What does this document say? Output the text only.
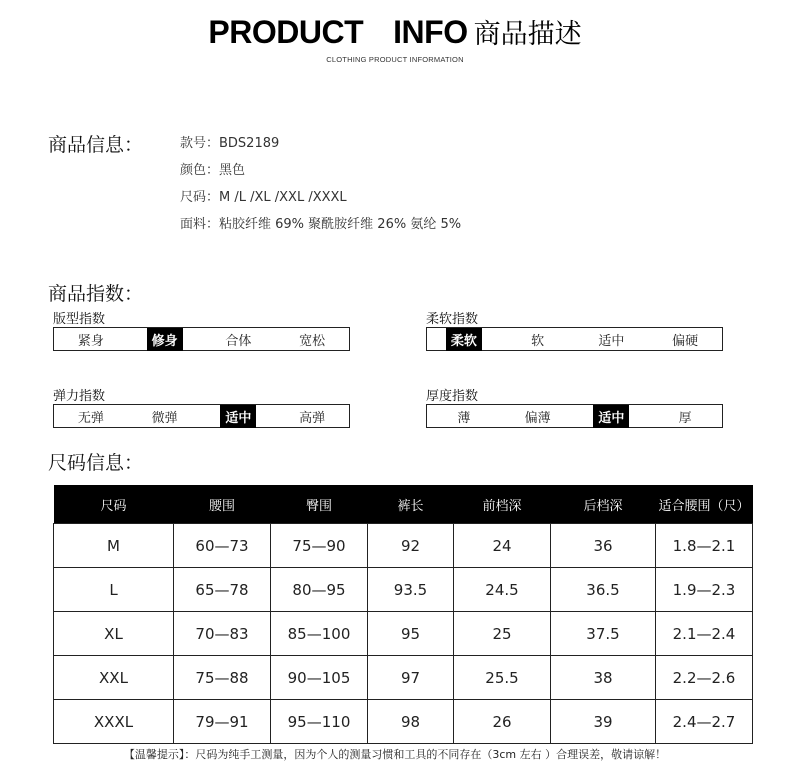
PRODUCT INFO 商品描述
CLOTHING PRODUCT INFORMATION
商品信息：	款号：BDS2189
颜色：黑色
尺码：M /L /XL /XXL /XXXL
面料：粘胶纤维 69% 聚酰胺纤维 26% 氨纶 5%
商品指数：
版型指数
紧身	修身	合体	宽松
柔软指数
柔软	软	适中	偏硬
弹力指数
无弹	微弹	适中	高弹
厚度指数
薄	偏薄	适中	厚
尺码信息：
尺码	腰围	臀围	裤长	前档深	后档深	适合腰围（尺）
M	60—73	75—90	92	24	36	1.8—2.1
L	65—78	80—95	93.5	24.5	36.5	1.9—2.3
XL	70—83	85—100	95	25	37.5	2.1—2.4
XXL	75—88	90—105	97	25.5	38	2.2—2.6
XXXL	79—91	95—110	98	26	39	2.4—2.7
【温馨提示】：尺码为纯手工测量，因为个人的测量习惯和工具的不同存在（3cm 左右 ）合理误差，敬请谅解！
